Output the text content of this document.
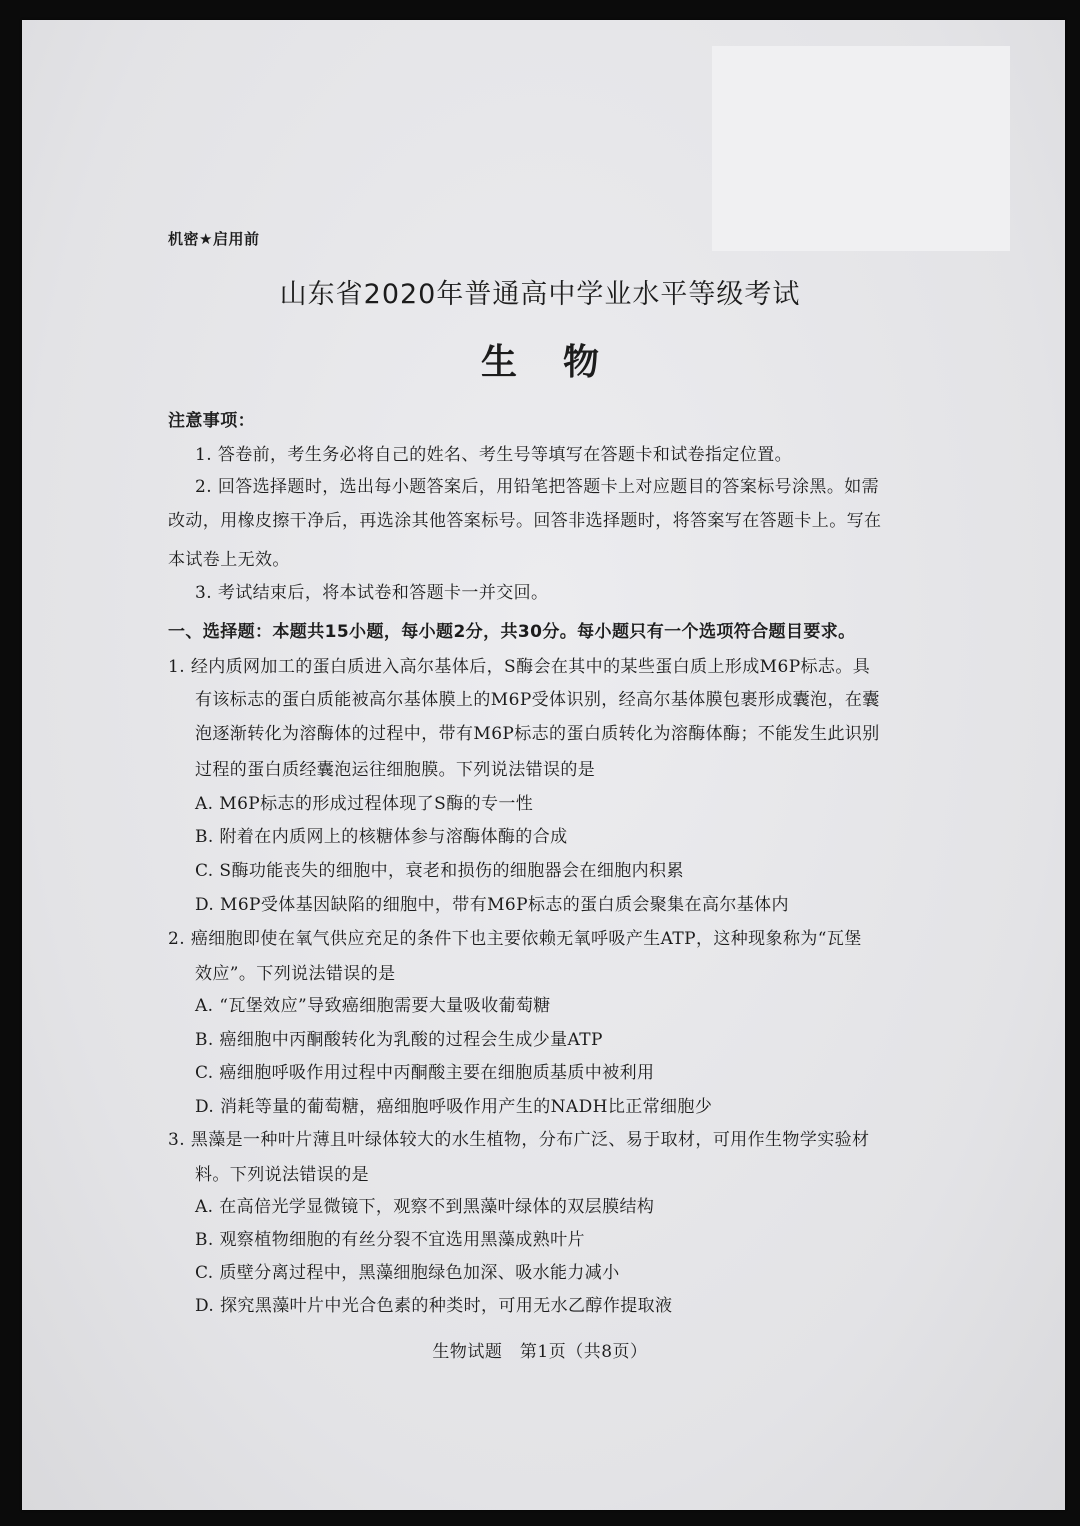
机密★启用前
山东省2020年普通高中学业水平等级考试
生物
注意事项：
1. 答卷前，考生务必将自己的姓名、考生号等填写在答题卡和试卷指定位置。
2. 回答选择题时，选出每小题答案后，用铅笔把答题卡上对应题目的答案标号涂黑。如需
改动，用橡皮擦干净后，再选涂其他答案标号。回答非选择题时，将答案写在答题卡上。写在
本试卷上无效。
3. 考试结束后，将本试卷和答题卡一并交回。
一、选择题：本题共15小题，每小题2分，共30分。每小题只有一个选项符合题目要求。
1. 经内质网加工的蛋白质进入高尔基体后，S酶会在其中的某些蛋白质上形成M6P标志。具
有该标志的蛋白质能被高尔基体膜上的M6P受体识别，经高尔基体膜包裹形成囊泡，在囊
泡逐渐转化为溶酶体的过程中，带有M6P标志的蛋白质转化为溶酶体酶；不能发生此识别
过程的蛋白质经囊泡运往细胞膜。下列说法错误的是
A. M6P标志的形成过程体现了S酶的专一性
B. 附着在内质网上的核糖体参与溶酶体酶的合成
C. S酶功能丧失的细胞中，衰老和损伤的细胞器会在细胞内积累
D. M6P受体基因缺陷的细胞中，带有M6P标志的蛋白质会聚集在高尔基体内
2. 癌细胞即使在氧气供应充足的条件下也主要依赖无氧呼吸产生ATP，这种现象称为“瓦堡
效应”。下列说法错误的是
A. “瓦堡效应”导致癌细胞需要大量吸收葡萄糖
B. 癌细胞中丙酮酸转化为乳酸的过程会生成少量ATP
C. 癌细胞呼吸作用过程中丙酮酸主要在细胞质基质中被利用
D. 消耗等量的葡萄糖，癌细胞呼吸作用产生的NADH比正常细胞少
3. 黑藻是一种叶片薄且叶绿体较大的水生植物，分布广泛、易于取材，可用作生物学实验材
料。下列说法错误的是
A. 在高倍光学显微镜下，观察不到黑藻叶绿体的双层膜结构
B. 观察植物细胞的有丝分裂不宜选用黑藻成熟叶片
C. 质壁分离过程中，黑藻细胞绿色加深、吸水能力减小
D. 探究黑藻叶片中光合色素的种类时，可用无水乙醇作提取液
生物试题　第1页（共8页）
